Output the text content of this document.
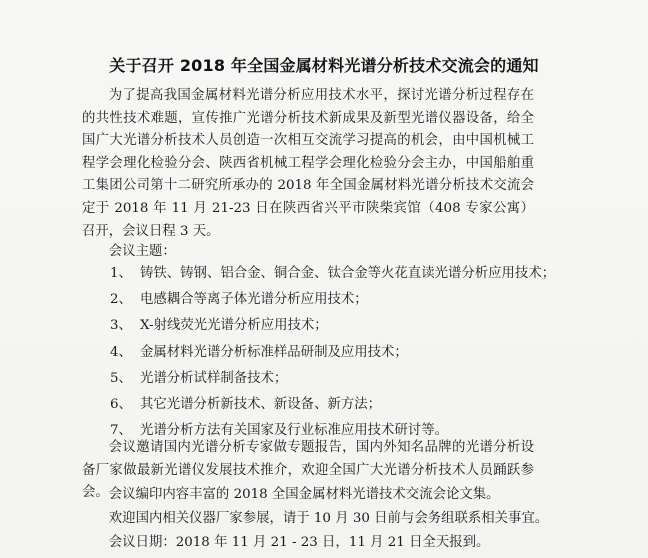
关于召开 2018 年全国金属材料光谱分析技术交流会的通知

为了提高我国金属材料光谱分析应用技术水平，探讨光谱分析过程存在的共性技术难题，宣传推广光谱分析技术新成果及新型光谱仪器设备，给全国广大光谱分析技术人员创造一次相互交流学习提高的机会，由中国机械工程学会理化检验分会、陕西省机械工程学会理化检验分会主办，中国船舶重工集团公司第十二研究所承办的 2018 年全国金属材料光谱分析技术交流会定于 2018 年 11 月 21-23 日在陕西省兴平市陕柴宾馆（408 专家公寓）召开，会议日程 3 天。

会议主题：

1、 铸铁、铸钢、铝合金、铜合金、钛合金等火花直读光谱分析应用技术；
2、 电感耦合等离子体光谱分析应用技术；
3、 X-射线荧光光谱分析应用技术；
4、 金属材料光谱分析标准样品研制及应用技术；
5、 光谱分析试样制备技术；
6、 其它光谱分析新技术、新设备、新方法；
7、 光谱分析方法有关国家及行业标准应用技术研讨等。

会议邀请国内光谱分析专家做专题报告，国内外知名品牌的光谱分析设备厂家做最新光谱仪发展技术推介，欢迎全国广大光谱分析技术人员踊跃参会。 会议编印内容丰富的 2018 全国金属材料光谱技术交流会论文集。

欢迎国内相关仪器厂家参展，请于 10 月 30 日前与会务组联系相关事宜。

会议日期：2018 年 11 月 21 - 23 日，11 月 21 日全天报到。
